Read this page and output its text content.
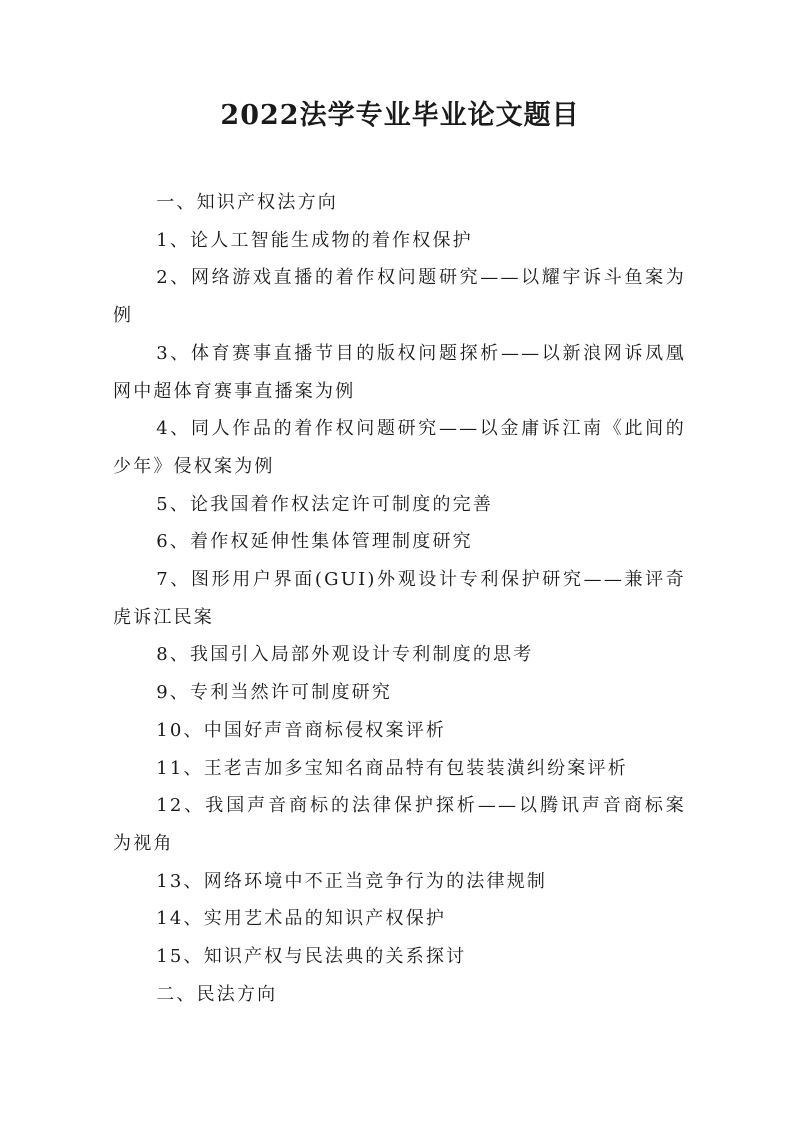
2022法学专业毕业论文题目

一、知识产权法方向

1、论人工智能生成物的着作权保护

2、网络游戏直播的着作权问题研究——以耀宇诉斗鱼案为例

3、体育赛事直播节目的版权问题探析——以新浪网诉凤凰网中超体育赛事直播案为例

4、同人作品的着作权问题研究——以金庸诉江南《此间的少年》侵权案为例

5、论我国着作权法定许可制度的完善

6、着作权延伸性集体管理制度研究

7、图形用户界面(GUI)外观设计专利保护研究——兼评奇虎诉江民案

8、我国引入局部外观设计专利制度的思考

9、专利当然许可制度研究

10、中国好声音商标侵权案评析

11、王老吉加多宝知名商品特有包装装潢纠纷案评析

12、我国声音商标的法律保护探析——以腾讯声音商标案为视角

13、网络环境中不正当竞争行为的法律规制

14、实用艺术品的知识产权保护

15、知识产权与民法典的关系探讨

二、民法方向
